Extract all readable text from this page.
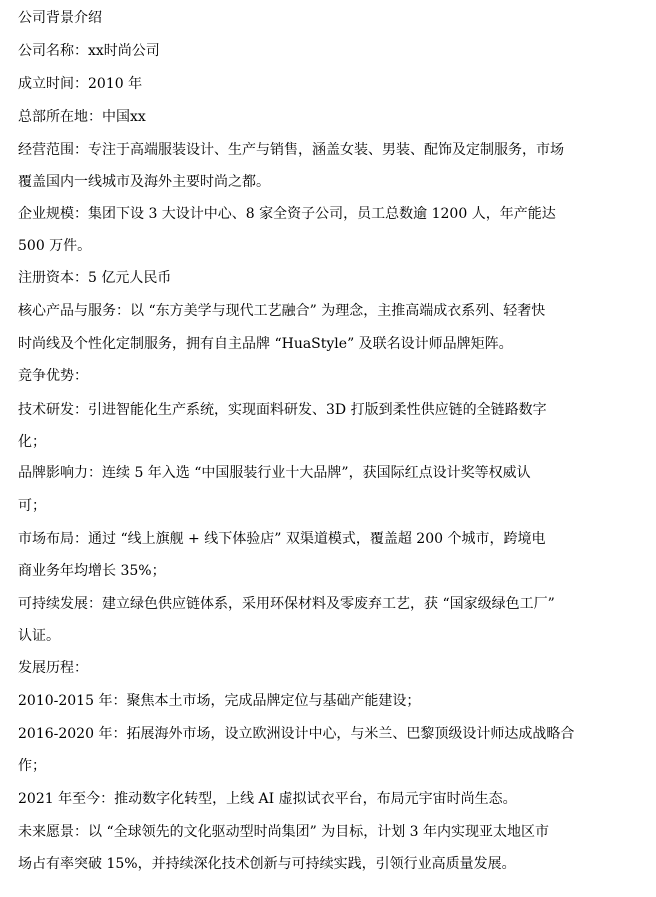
公司背景介绍
公司名称：xx时尚公司
成立时间：2010 年
总部所在地：中国xx
经营范围：专注于高端服装设计、生产与销售，涵盖女装、男装、配饰及定制服务，市场
覆盖国内一线城市及海外主要时尚之都。
企业规模：集团下设 3 大设计中心、8 家全资子公司，员工总数逾 1200 人，年产能达
500 万件。
注册资本：5 亿元人民币
核心产品与服务：以 “东方美学与现代工艺融合” 为理念，主推高端成衣系列、轻奢快
时尚线及个性化定制服务，拥有自主品牌 “HuaStyle” 及联名设计师品牌矩阵。
竞争优势：
技术研发：引进智能化生产系统，实现面料研发、3D 打版到柔性供应链的全链路数字
化；
品牌影响力：连续 5 年入选 “中国服装行业十大品牌”，获国际红点设计奖等权威认
可；
市场布局：通过 “线上旗舰 + 线下体验店” 双渠道模式，覆盖超 200 个城市，跨境电
商业务年均增长 35%；
可持续发展：建立绿色供应链体系，采用环保材料及零废弃工艺，获 “国家级绿色工厂”
认证。
发展历程：
2010-2015 年：聚焦本土市场，完成品牌定位与基础产能建设；
2016-2020 年：拓展海外市场，设立欧洲设计中心，与米兰、巴黎顶级设计师达成战略合
作；
2021 年至今：推动数字化转型，上线 AI 虚拟试衣平台，布局元宇宙时尚生态。
未来愿景：以 “全球领先的文化驱动型时尚集团” 为目标，计划 3 年内实现亚太地区市
场占有率突破 15%，并持续深化技术创新与可持续实践，引领行业高质量发展。
